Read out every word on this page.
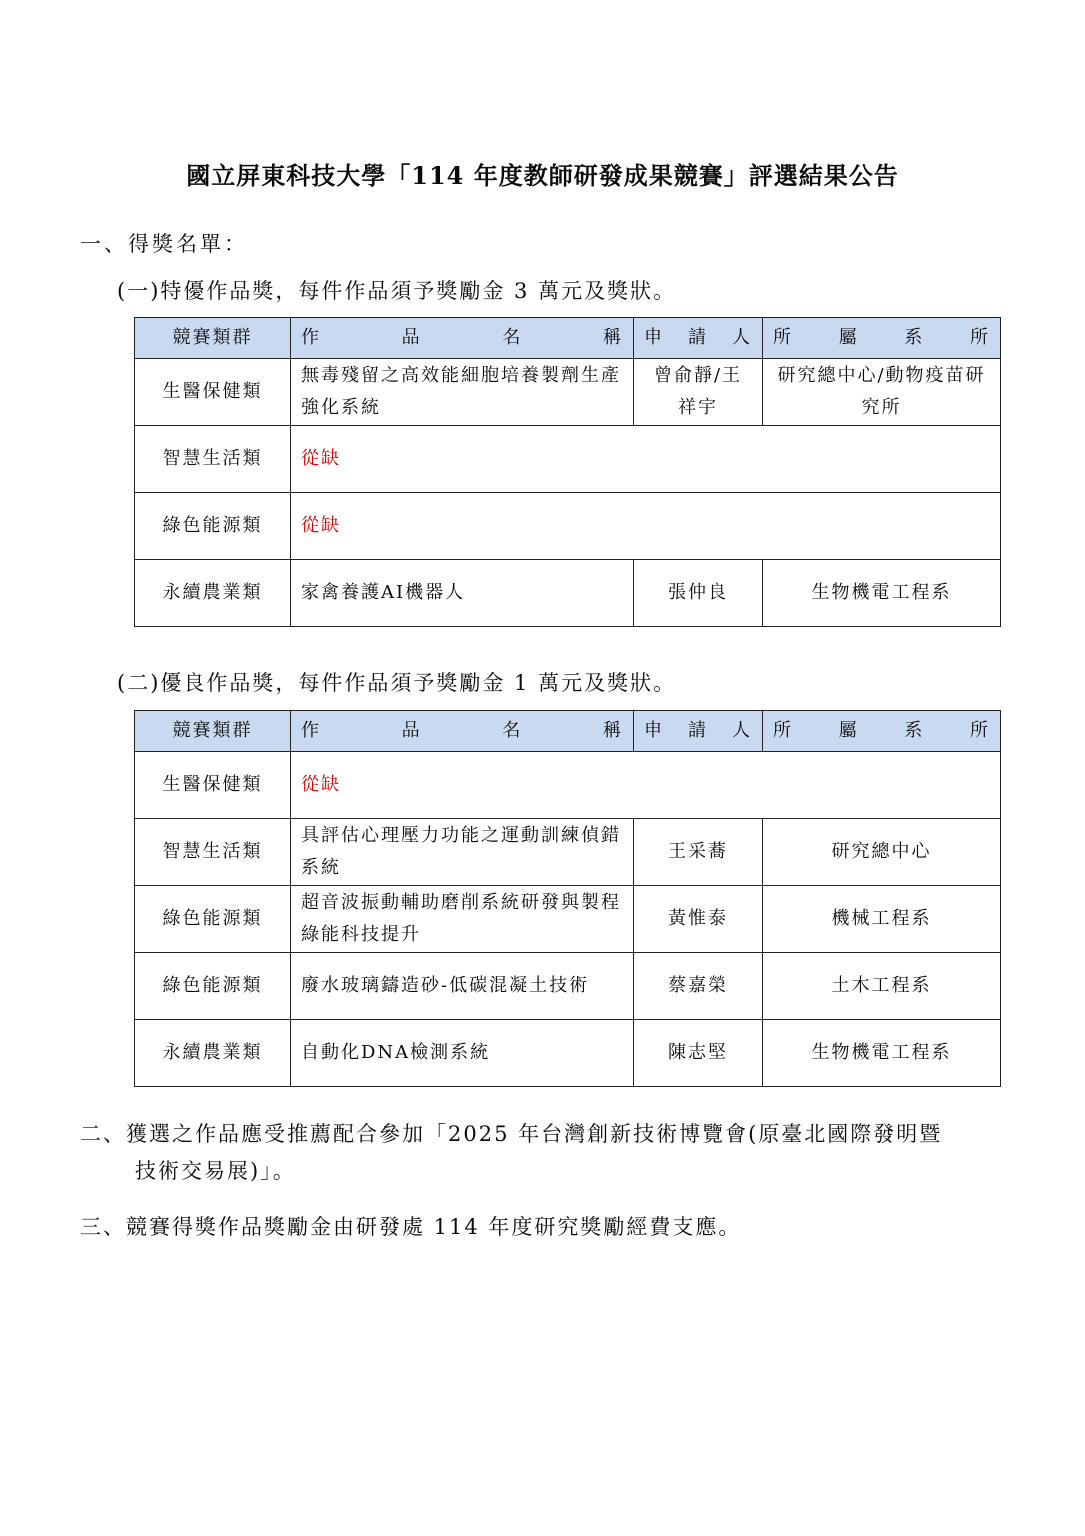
國立屏東科技大學「114 年度教師研發成果競賽」評選結果公告
一、得獎名單：
(一)特優作品獎，每件作品須予獎勵金 3 萬元及獎狀。
競賽類群	作 品 名 稱	申 請 人	所 屬 系 所

生醫保健類	無毒殘留之高效能細胞培養製劑生產強化系統	曾俞靜/王祥宇	研究總中心/動物疫苗研究所
智慧生活類	從缺		
綠色能源類	從缺		
永續農業類	家禽養護AI機器人	張仲良	生物機電工程系
(二)優良作品獎，每件作品須予獎勵金 1 萬元及獎狀。
競賽類群	作 品 名 稱	申 請 人	所 屬 系 所

生醫保健類	從缺		
智慧生活類	具評估心理壓力功能之運動訓練偵錯系統	王采蕎	研究總中心
綠色能源類	超音波振動輔助磨削系統研發與製程綠能科技提升	黃惟泰	機械工程系
綠色能源類	廢水玻璃鑄造砂-低碳混凝土技術	蔡嘉榮	土木工程系
永續農業類	自動化DNA檢測系統	陳志堅	生物機電工程系
二、獲選之作品應受推薦配合參加「2025 年台灣創新技術博覽會(原臺北國際發明暨
技術交易展)」。
三、競賽得獎作品獎勵金由研發處 114 年度研究獎勵經費支應。
